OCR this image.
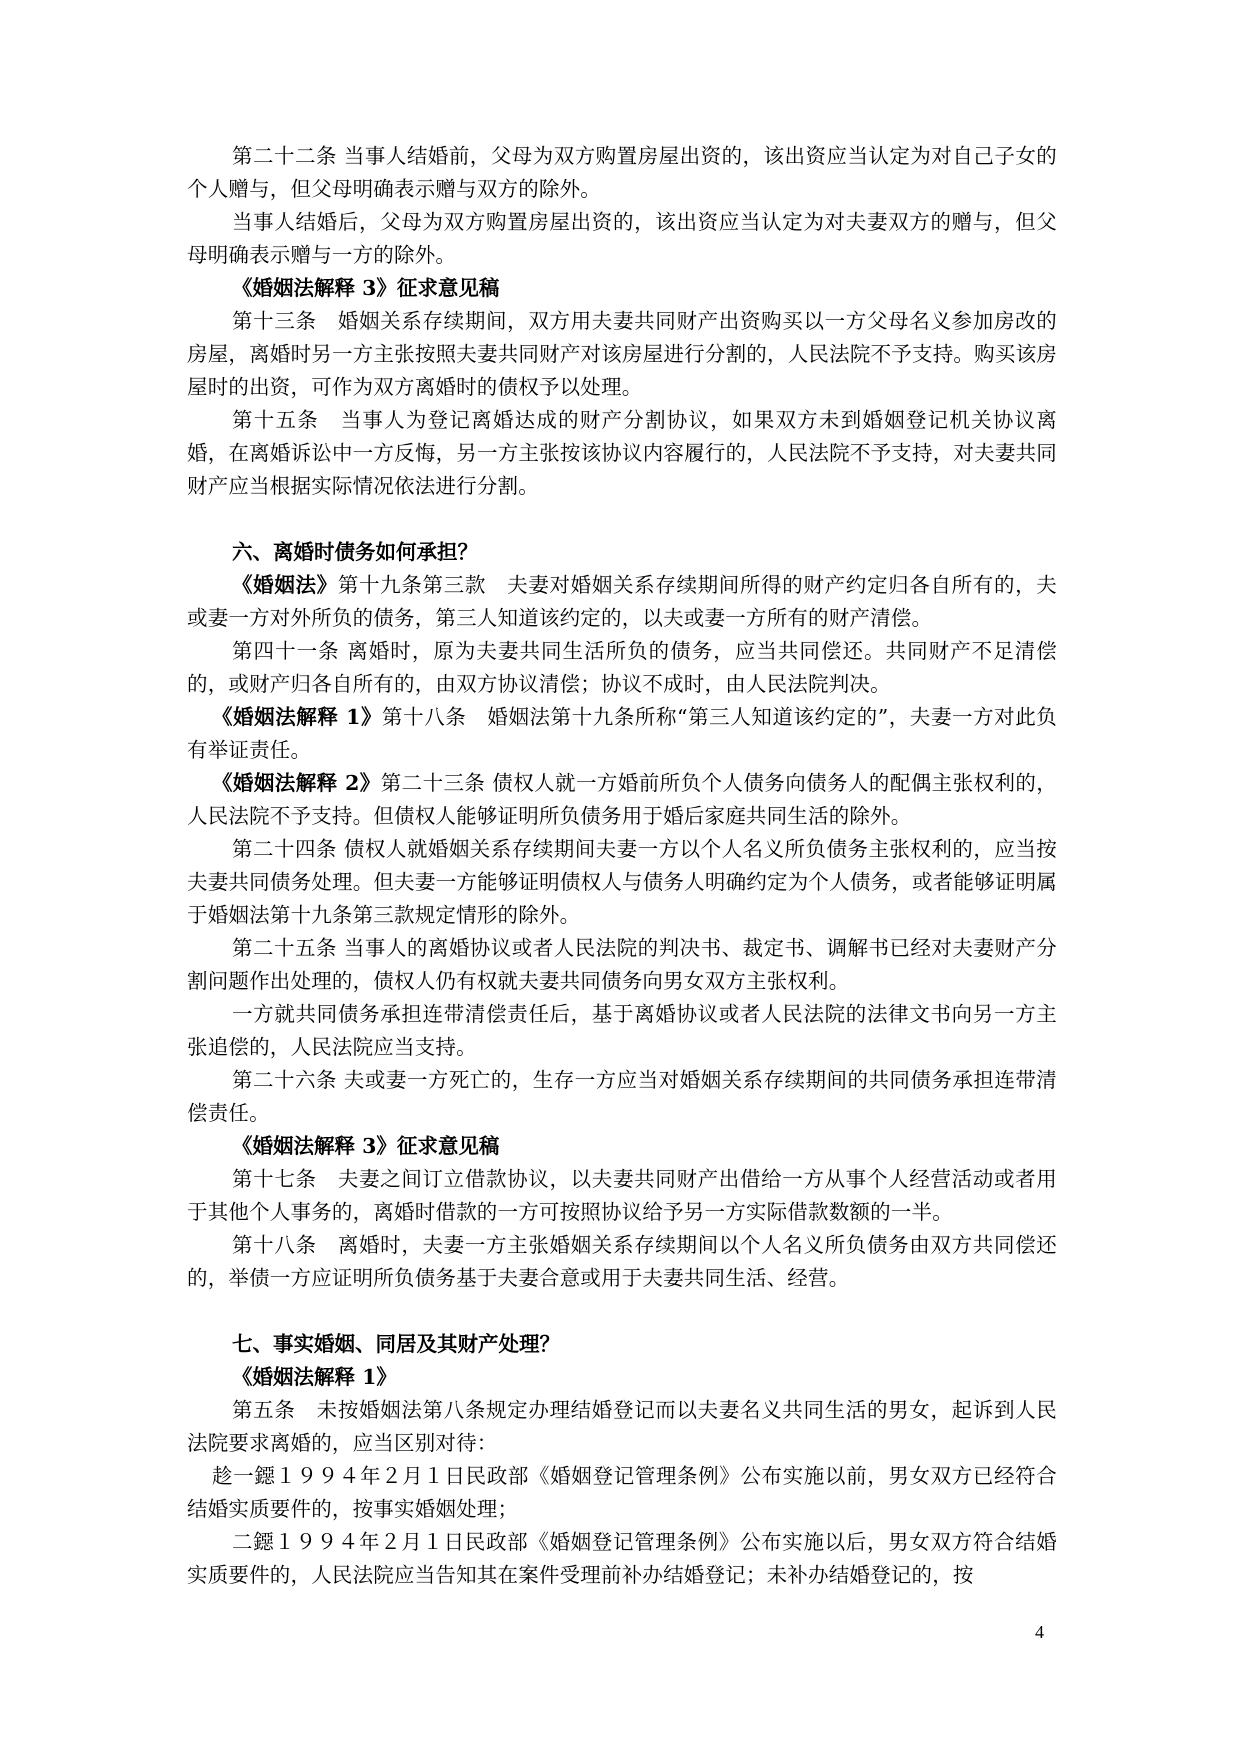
第二十二条 当事人结婚前，父母为双方购置房屋出资的，该出资应当认定为对自己子女的个人赠与，但父母明确表示赠与双方的除外。

当事人结婚后，父母为双方购置房屋出资的，该出资应当认定为对夫妻双方的赠与，但父母明确表示赠与一方的除外。

《婚姻法解释 3》征求意见稿

第十三条　婚姻关系存续期间，双方用夫妻共同财产出资购买以一方父母名义参加房改的房屋，离婚时另一方主张按照夫妻共同财产对该房屋进行分割的，人民法院不予支持。购买该房屋时的出资，可作为双方离婚时的债权予以处理。

第十五条　当事人为登记离婚达成的财产分割协议，如果双方未到婚姻登记机关协议离婚，在离婚诉讼中一方反悔，另一方主张按该协议内容履行的，人民法院不予支持，对夫妻共同财产应当根据实际情况依法进行分割。

六、离婚时债务如何承担？

《婚姻法》第十九条第三款　夫妻对婚姻关系存续期间所得的财产约定归各自所有的，夫或妻一方对外所负的债务，第三人知道该约定的，以夫或妻一方所有的财产清偿。

第四十一条 离婚时，原为夫妻共同生活所负的债务，应当共同偿还。共同财产不足清偿的，或财产归各自所有的，由双方协议清偿；协议不成时，由人民法院判决。

《婚姻法解释 1》第十八条　婚姻法第十九条所称“第三人知道该约定的”，夫妻一方对此负有举证责任。

《婚姻法解释 2》第二十三条 债权人就一方婚前所负个人债务向债务人的配偶主张权利的，人民法院不予支持。但债权人能够证明所负债务用于婚后家庭共同生活的除外。

第二十四条 债权人就婚姻关系存续期间夫妻一方以个人名义所负债务主张权利的，应当按夫妻共同债务处理。但夫妻一方能够证明债权人与债务人明确约定为个人债务，或者能够证明属于婚姻法第十九条第三款规定情形的除外。

第二十五条 当事人的离婚协议或者人民法院的判决书、裁定书、调解书已经对夫妻财产分割问题作出处理的，债权人仍有权就夫妻共同债务向男女双方主张权利。

一方就共同债务承担连带清偿责任后，基于离婚协议或者人民法院的法律文书向另一方主张追偿的，人民法院应当支持。

第二十六条 夫或妻一方死亡的，生存一方应当对婚姻关系存续期间的共同债务承担连带清偿责任。

《婚姻法解释 3》征求意见稿

第十七条　夫妻之间订立借款协议，以夫妻共同财产出借给一方从事个人经营活动或者用于其他个人事务的，离婚时借款的一方可按照协议给予另一方实际借款数额的一半。

第十八条　离婚时，夫妻一方主张婚姻关系存续期间以个人名义所负债务由双方共同偿还的，举债一方应证明所负债务基于夫妻合意或用于夫妻共同生活、经营。

七、事实婚姻、同居及其财产处理？

《婚姻法解释 1》

第五条　未按婚姻法第八条规定办理结婚登记而以夫妻名义共同生活的男女，起诉到人民法院要求离婚的，应当区别对待：

趁一鐚１９９４年２月１日民政部《婚姻登记管理条例》公布实施以前，男女双方已经符合结婚实质要件的，按事实婚姻处理；

二鐚１９９４年２月１日民政部《婚姻登记管理条例》公布实施以后，男女双方符合结婚实质要件的，人民法院应当告知其在案件受理前补办结婚登记；未补办结婚登记的，按

4
